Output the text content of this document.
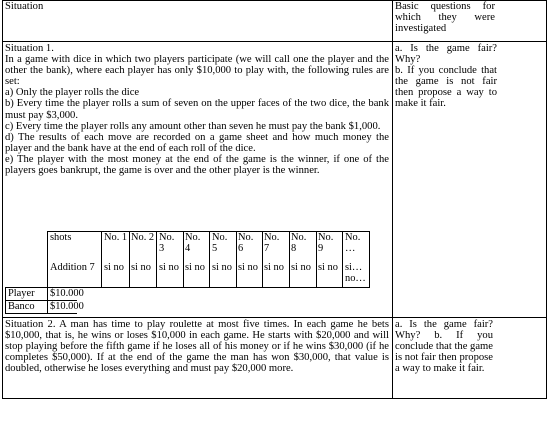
Situation	Basic questions for which they were investigated
Situation 1.
In a game with dice in which two players participate (we will call one the player and the other the bank), where each player has only $10,000 to play with, the following rules are set:
a) Only the player rolls the dice
b) Every time the player rolls a sum of seven on the upper faces of the two dice, the bank must pay $3,000.
c) Every time the player rolls any amount other than seven he must pay the bank $1,000.
d) The results of each move are recorded on a game sheet and how much money the player and the bank have at the end of each roll of the dice.
e) The player with the most money at the end of the game is the winner, if one of the players goes bankrupt, the game is over and the other player is the winner.
a. Is the game fair? Why?
b. If you conclude that the game is not fair then propose a way to make it fair.
shots
Addition 7
No. 1
si no
No. 2
si no
No. 3
si no
No. 4
si no
No. 5
si no
No. 6
si no
No. 7
si no
No. 8
si no
No. 9
si no
No. …
si… no…
Player $10.000
Banco $10.000
Situation 2. A man has time to play roulette at most five times. In each game he bets $10,000, that is, he wins or loses $10,000 in each game. He starts with $20,000 and will stop playing before the fifth game if he loses all of his money or if he wins $30,000 (if he completes $50,000). If at the end of the game the man has won $30,000, that value is doubled, otherwise he loses everything and must pay $20,000 more.
a. Is the game fair? Why? b. If you conclude that the game is not fair then propose a way to make it fair.
